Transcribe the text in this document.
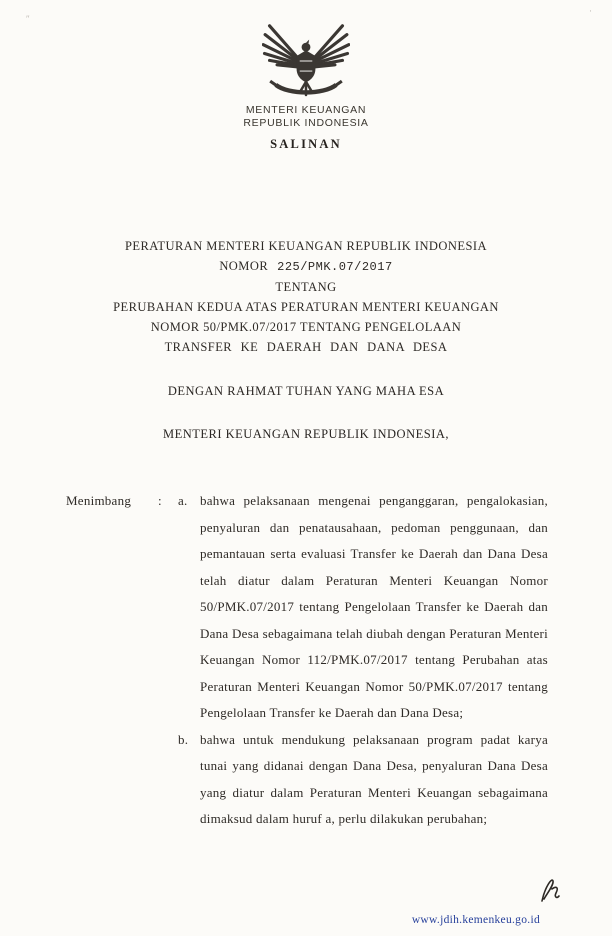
″
·
MENTERI KEUANGAN
REPUBLIK INDONESIA
SALINAN
PERATURAN MENTERI KEUANGAN REPUBLIK INDONESIA
NOMOR 225/PMK.07/2017
TENTANG
PERUBAHAN KEDUA ATAS PERATURAN MENTERI KEUANGAN
NOMOR 50/PMK.07/2017 TENTANG PENGELOLAAN
TRANSFER KE DAERAH DAN DANA DESA
DENGAN RAHMAT TUHAN YANG MAHA ESA
MENTERI KEUANGAN REPUBLIK INDONESIA,
Menimbang	:	a. bahwa pelaksanaan mengenai penganggaran, pengalokasian, penyaluran dan penatausahaan, pedoman penggunaan, dan pemantauan serta evaluasi Transfer ke Daerah dan Dana Desa telah diatur dalam Peraturan Menteri Keuangan Nomor 50/PMK.07/2017 tentang Pengelolaan Transfer ke Daerah dan Dana Desa sebagaimana telah diubah dengan Peraturan Menteri Keuangan Nomor 112/PMK.07/2017 tentang Perubahan atas Peraturan Menteri Keuangan Nomor 50/PMK.07/2017 tentang Pengelolaan Transfer ke Daerah dan Dana Desa;
b. bahwa untuk mendukung pelaksanaan program padat karya tunai yang didanai dengan Dana Desa, penyaluran Dana Desa yang diatur dalam Peraturan Menteri Keuangan sebagaimana dimaksud dalam huruf a, perlu dilakukan perubahan;
www.jdih.kemenkeu.go.id
